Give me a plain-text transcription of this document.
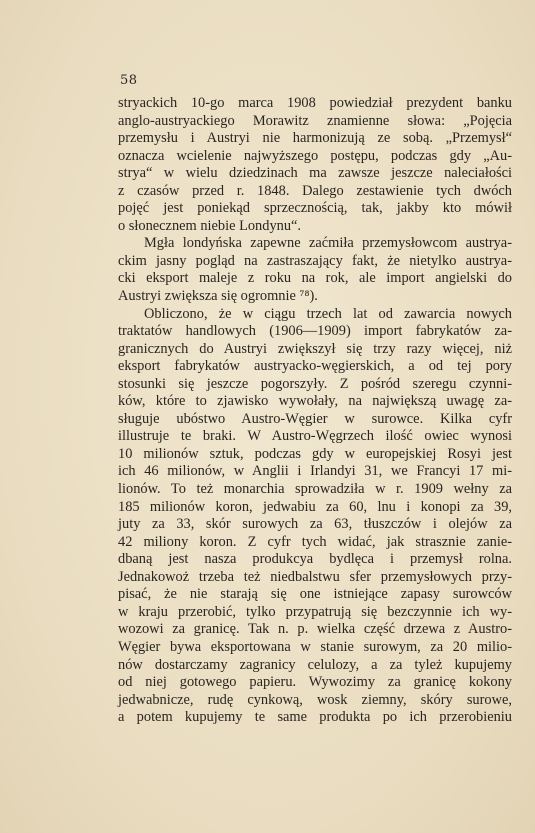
58
stryackich 10-go marca 1908 powiedział prezydent banku
anglo-austryackiego Morawitz znamienne słowa: „Pojęcia
przemysłu i Austryi nie harmonizują ze sobą. „Przemysł“
oznacza wcielenie najwyższego postępu, podczas gdy „Au-
strya“ w wielu dziedzinach ma zawsze jeszcze naleciałości
z czasów przed r. 1848. Dalego zestawienie tych dwóch
pojęć jest poniekąd sprzecznością, tak, jakby kto mówił
o słonecznem niebie Londynu“.
Mgła londyńska zapewne zaćmiła przemysłowcom austrya-
ckim jasny pogląd na zastraszający fakt, że nietylko austrya-
cki eksport maleje z roku na rok, ale import angielski do
Austryi zwiększa się ogromnie ⁷⁸).
Obliczono, że w ciągu trzech lat od zawarcia nowych
traktatów handlowych (1906—1909) import fabrykatów za-
granicznych do Austryi zwiększył się trzy razy więcej, niż
eksport fabrykatów austryacko-węgierskich, a od tej pory
stosunki się jeszcze pogorszyły. Z pośród szeregu czynni-
ków, które to zjawisko wywołały, na największą uwagę za-
sługuje ubóstwo Austro-Węgier w surowce. Kilka cyfr
illustruje te braki. W Austro-Węgrzech ilość owiec wynosi
10 milionów sztuk, podczas gdy w europejskiej Rosyi jest
ich 46 milionów, w Anglii i Irlandyi 31, we Francyi 17 mi-
lionów. To też monarchia sprowadziła w r. 1909 wełny za
185 milionów koron, jedwabiu za 60, lnu i konopi za 39,
juty za 33, skór surowych za 63, tłuszczów i olejów za
42 miliony koron. Z cyfr tych widać, jak strasznie zanie-
dbaną jest nasza produkcya bydlęca i przemysł rolna.
Jednakowoż trzeba też niedbalstwu sfer przemysłowych przy-
pisać, że nie starają się one istniejące zapasy surowców
w kraju przerobić, tylko przypatrują się bezczynnie ich wy-
wozowi za granicę. Tak n. p. wielka część drzewa z Austro-
Węgier bywa eksportowana w stanie surowym, za 20 milio-
nów dostarczamy zagranicy celulozy, a za tyleż kupujemy
od niej gotowego papieru. Wywozimy za granicę kokony
jedwabnicze, rudę cynkową, wosk ziemny, skóry surowe,
a potem kupujemy te same produkta po ich przerobieniu
